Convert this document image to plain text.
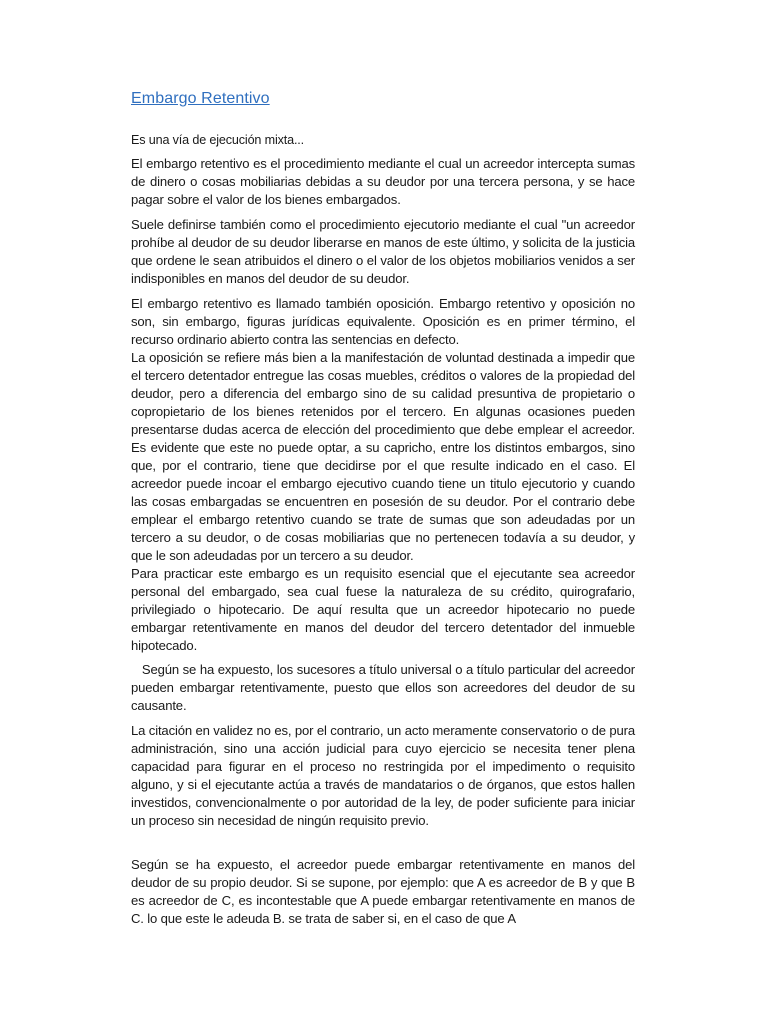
Embargo Retentivo

Es una vía de ejecución mixta...

El embargo retentivo es el procedimiento mediante el cual un acreedor intercepta sumas de dinero o cosas mobiliarias debidas a su deudor por una tercera persona, y se hace pagar sobre el valor de los bienes embargados.

Suele definirse también como el procedimiento ejecutorio mediante el cual "un acreedor prohíbe al deudor de su deudor liberarse en manos de este último, y solicita de la justicia que ordene le sean atribuidos el dinero o el valor de los objetos mobiliarios venidos a ser indisponibles en manos del deudor de su deudor.

El embargo retentivo es llamado también oposición. Embargo retentivo y oposición no son, sin embargo, figuras jurídicas equivalente. Oposición es en primer término, el recurso ordinario abierto contra las sentencias en defecto.

La oposición se refiere más bien a la manifestación de voluntad destinada a impedir que el tercero detentador entregue las cosas muebles, créditos o valores de la propiedad del deudor, pero a diferencia del embargo sino de su calidad presuntiva de propietario o copropietario de los bienes retenidos por el tercero. En algunas ocasiones pueden presentarse dudas acerca de elección del procedimiento que debe emplear el acreedor. Es evidente que este no puede optar, a su capricho, entre los distintos embargos, sino que, por el contrario, tiene que decidirse por el que resulte indicado en el caso. El acreedor puede incoar el embargo ejecutivo cuando tiene un titulo ejecutorio y cuando las cosas embargadas se encuentren en posesión de su deudor. Por el contrario debe emplear el embargo retentivo cuando se trate de sumas que son adeudadas por un tercero a su deudor, o de cosas mobiliarias que no pertenecen todavía a su deudor, y que le son adeudadas por un tercero a su deudor.

Para practicar este embargo es un requisito esencial que el ejecutante sea acreedor personal del embargado, sea cual fuese la naturaleza de su crédito, quirografario, privilegiado o hipotecario. De aquí resulta que un acreedor hipotecario no puede embargar retentivamente en manos del deudor del tercero detentador del inmueble hipotecado.

Según se ha expuesto, los sucesores a título universal o a título particular del acreedor pueden embargar retentivamente, puesto que ellos son acreedores del deudor de su causante.

La citación en validez no es, por el contrario, un acto meramente conservatorio o de pura administración, sino una acción judicial para cuyo ejercicio se necesita tener plena capacidad para figurar en el proceso no restringida por el impedimento o requisito alguno, y si el ejecutante actúa a través de mandatarios o de órganos, que estos hallen investidos, convencionalmente o por autoridad de la ley, de poder suficiente para iniciar un proceso sin necesidad de ningún requisito previo.

Según se ha expuesto, el acreedor puede embargar retentivamente en manos del deudor de su propio deudor. Si se supone, por ejemplo: que A es acreedor de B y que B es acreedor de C, es incontestable que A puede embargar retentivamente en manos de C. lo que este le adeuda B. se trata de saber si, en el caso de que A
